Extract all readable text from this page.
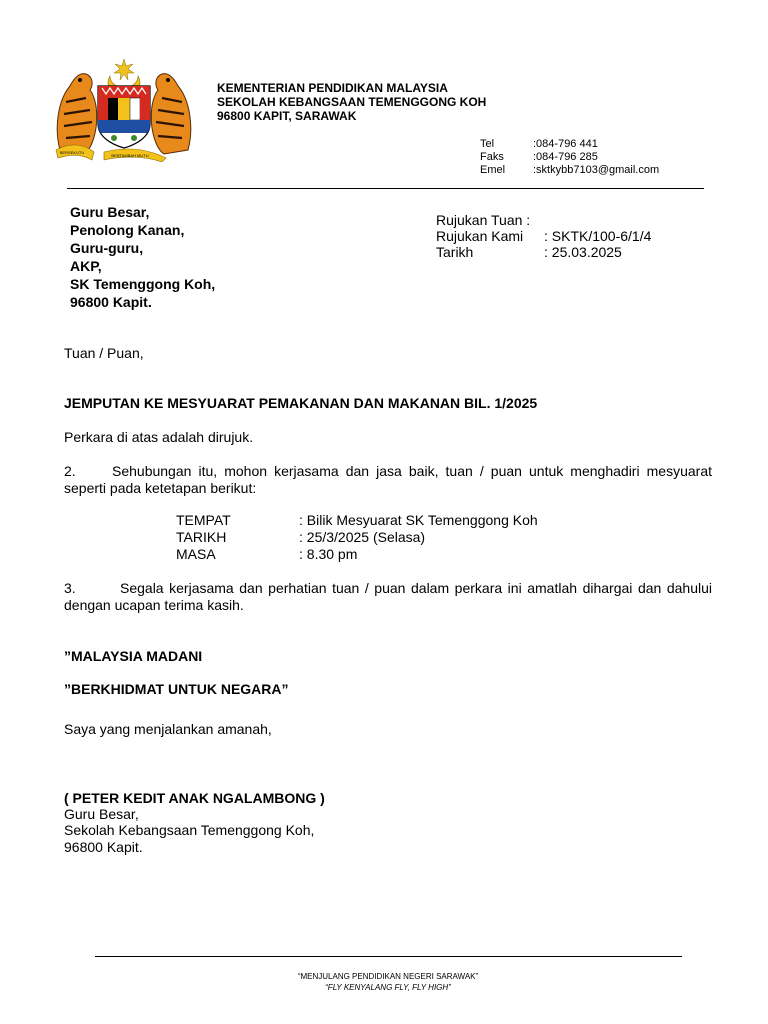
BERSEKUTU
BERTAMBAH MUTU
KEMENTERIAN PENDIDIKAN MALAYSIA
SEKOLAH KEBANGSAAN TEMENGGONG KOH
96800 KAPIT, SARAWAK
Tel	:084-796 441
Faks	:084-796 285
Emel	:sktkybb7103@gmail.com
Guru Besar,
Penolong Kanan,
Guru-guru,
AKP,
SK Temenggong Koh,
96800 Kapit.
Rujukan Tuan :
Rujukan Kami : SKTK/100-6/1/4
Tarikh	: 25.03.2025
Tuan / Puan,
JEMPUTAN KE MESYUARAT PEMAKANAN DAN MAKANAN BIL. 1/2025
Perkara di atas adalah dirujuk.
2.	Sehubungan itu, mohon kerjasama dan jasa baik, tuan / puan untuk menghadiri mesyuarat seperti pada ketetapan berikut:
TEMPAT	: Bilik Mesyuarat SK Temenggong Koh
TARIKH	: 25/3/2025 (Selasa)
MASA	: 8.30 pm
3.	Segala kerjasama dan perhatian tuan / puan dalam perkara ini amatlah dihargai dan dahului dengan ucapan terima kasih.
”MALAYSIA MADANI
”BERKHIDMAT UNTUK NEGARA”
Saya yang menjalankan amanah,
( PETER KEDIT ANAK NGALAMBONG )
Guru Besar,
Sekolah Kebangsaan Temenggong Koh,
96800 Kapit.
“MENJULANG PENDIDIKAN NEGERI SARAWAK”
“FLY KENYALANG FLY, FLY HIGH”
